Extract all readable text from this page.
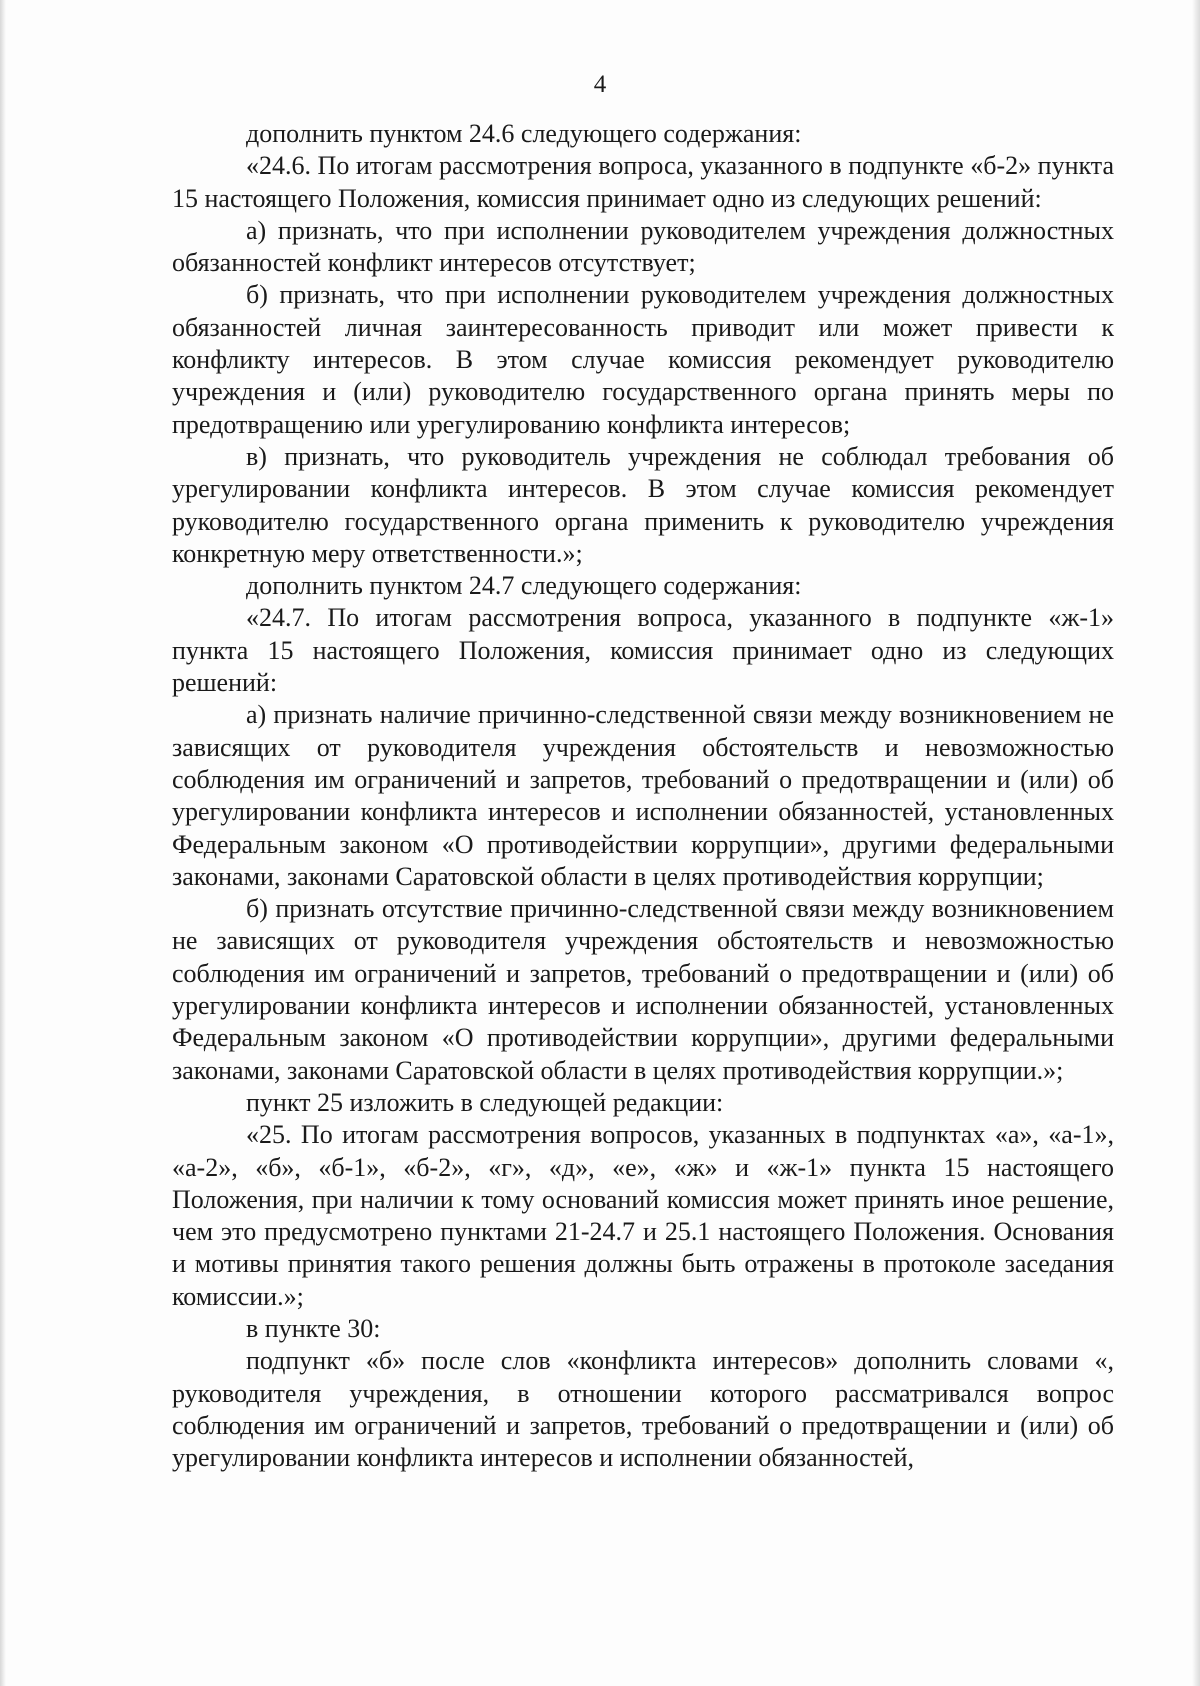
4

дополнить пунктом 24.6 следующего содержания:

«24.6. По итогам рассмотрения вопроса, указанного в подпункте «б-2» пункта 15 настоящего Положения, комиссия принимает одно из следующих решений:

а) признать, что при исполнении руководителем учреждения должностных обязанностей конфликт интересов отсутствует;

б) признать, что при исполнении руководителем учреждения должностных обязанностей личная заинтересованность приводит или может привести к конфликту интересов. В этом случае комиссия рекомендует руководителю учреждения и (или) руководителю государственного органа принять меры по предотвращению или урегулированию конфликта интересов;

в) признать, что руководитель учреждения не соблюдал требования об урегулировании конфликта интересов. В этом случае комиссия рекомендует руководителю государственного органа применить к руководителю учреждения конкретную меру ответственности.»;

дополнить пунктом 24.7 следующего содержания:

«24.7. По итогам рассмотрения вопроса, указанного в подпункте «ж-1» пункта 15 настоящего Положения, комиссия принимает одно из следующих решений:

а) признать наличие причинно-следственной связи между возникновением не зависящих от руководителя учреждения обстоятельств и невозможностью соблюдения им ограничений и запретов, требований о предотвращении и (или) об урегулировании конфликта интересов и исполнении обязанностей, установленных Федеральным законом «О противодействии коррупции», другими федеральными законами, законами Саратовской области в целях противодействия коррупции;

б) признать отсутствие причинно-следственной связи между возникновением не зависящих от руководителя учреждения обстоятельств и невозможностью соблюдения им ограничений и запретов, требований о предотвращении и (или) об урегулировании конфликта интересов и исполнении обязанностей, установленных Федеральным законом «О противодействии коррупции», другими федеральными законами, законами Саратовской области в целях противодействия коррупции.»;

пункт 25 изложить в следующей редакции:

«25. По итогам рассмотрения вопросов, указанных в подпунктах «а», «а-1», «а-2», «б», «б-1», «б-2», «г», «д», «е», «ж» и «ж-1» пункта 15 настоящего Положения, при наличии к тому оснований комиссия может принять иное решение, чем это предусмотрено пунктами 21-24.7 и 25.1 настоящего Положения. Основания и мотивы принятия такого решения должны быть отражены в протоколе заседания комиссии.»;

в пункте 30:

подпункт «б» после слов «конфликта интересов» дополнить словами «, руководителя учреждения, в отношении которого рассматривался вопрос соблюдения им ограничений и запретов, требований о предотвращении и (или) об урегулировании конфликта интересов и исполнении обязанностей,
